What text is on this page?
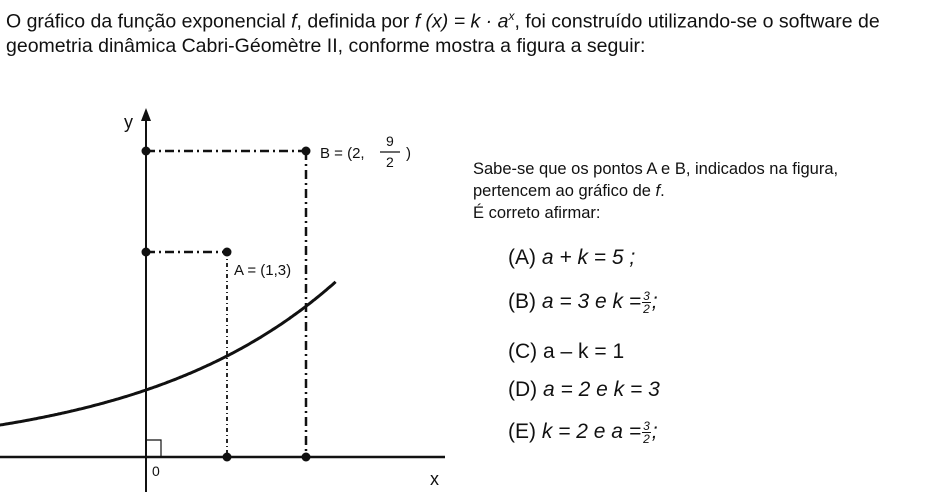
O gráfico da função exponencial f, definida por f $(x) = k \cdot a^x$, foi construído utilizando-se o software de

geometria dinâmica Cabri-Géomètre II, conforme mostra a figura a seguir:

y
x
0
A = (1,3)
B = (2,
9
2 )

Sabe-se que os pontos A e B, indicados na figura,

pertencem ao gráfico de f.

É correto afirmar:

(A) a + k = 5 ;
(B) a = 3 e $k = \frac{3}{2}$ ;
(C) a – k = 1
(D) a = 2 e k = 3
(E) k = 2 e $a = \frac{3}{2}$ ;
